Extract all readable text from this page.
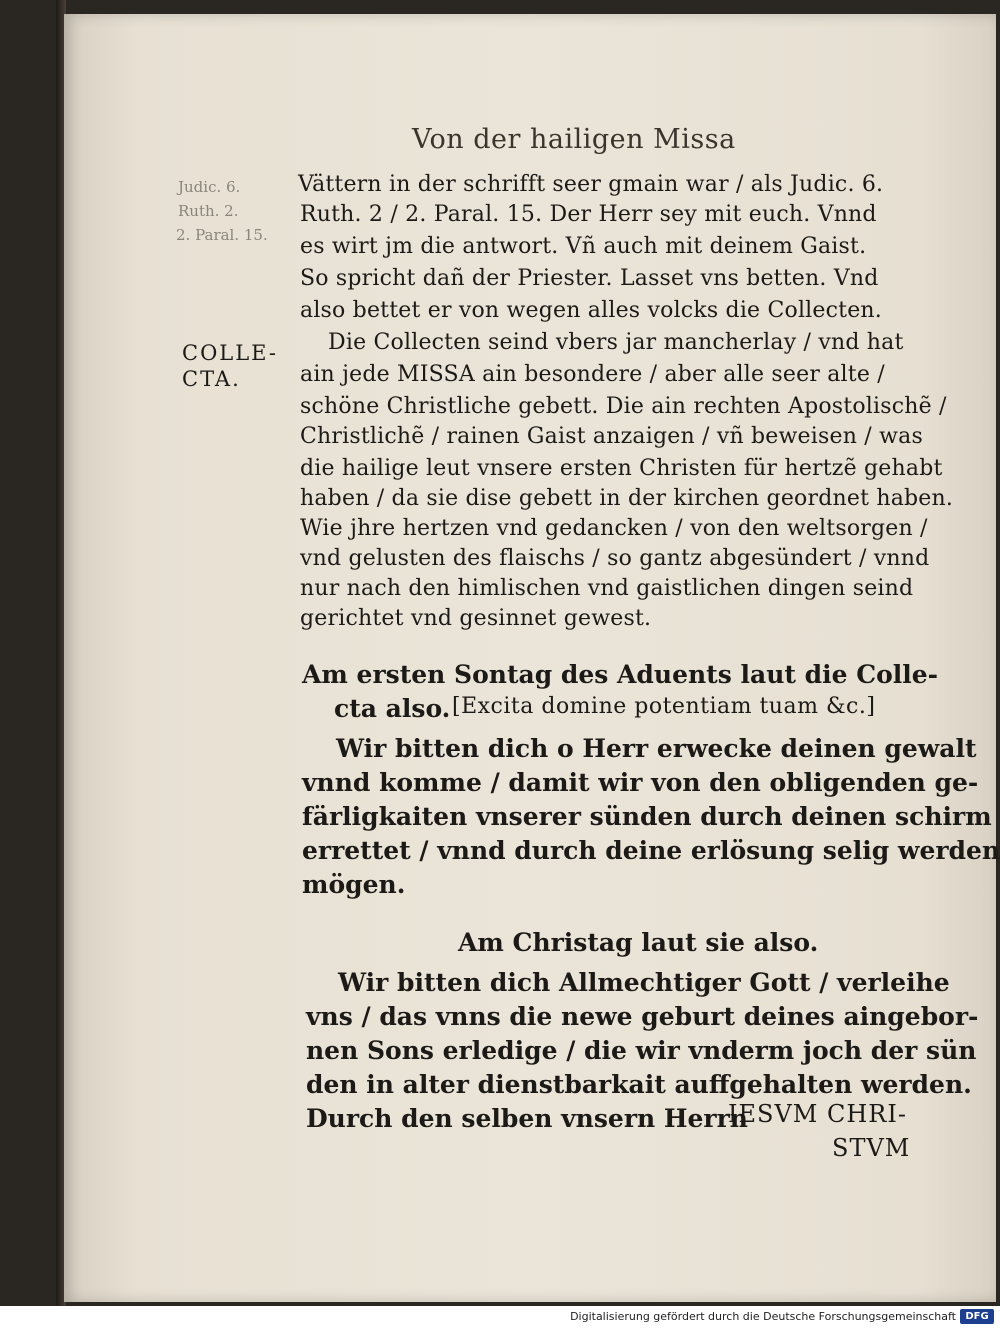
Von der hailigen Missa
Judic. 6.
Ruth. 2.
2. Paral. 15.
COLLE-
CTA.
Vättern in der schrifft seer gmain war / als Judic. 6.
Ruth. 2 / 2. Paral. 15. Der Herr sey mit euch. Vnnd
es wirt jm die antwort. Vñ auch mit deinem Gaist.
So spricht dañ der Priester. Lasset vns betten. Vnd
also bettet er von wegen alles volcks die Collecten.
Die Collecten seind vbers jar mancherlay / vnd hat
ain jede MISSA ain besondere / aber alle seer alte /
schöne Christliche gebett. Die ain rechten Apostolischẽ /
Christlichẽ / rainen Gaist anzaigen / vñ beweisen / was
die hailige leut vnsere ersten Christen für hertzẽ gehabt
haben / da sie dise gebett in der kirchen geordnet haben.
Wie jhre hertzen vnd gedancken / von den weltsorgen /
vnd gelusten des flaischs / so gantz abgesündert / vnnd
nur nach den himlischen vnd gaistlichen dingen seind
gerichtet vnd gesinnet gewest.
Am ersten Sontag des Aduents laut die Colle-
cta also. [Excita domine potentiam tuam &c.]
Wir bitten dich o Herr erwecke deinen gewalt
vnnd komme / damit wir von den obligenden ge-
färligkaiten vnserer sünden durch deinen schirm
errettet / vnnd durch deine erlösung selig werden
mögen.
Am Christag laut sie also.
Wir bitten dich Allmechtiger Gott / verleihe
vns / das vnns die newe geburt deines aingebor-
nen Sons erledige / die wir vnderm joch der sün
den in alter dienstbarkait auffgehalten werden.
Durch den selben vnsern Herrn
IESVM CHRI-
STVM
Digitalisierung gefördert durch die Deutsche Forschungsgemeinschaft DFG
